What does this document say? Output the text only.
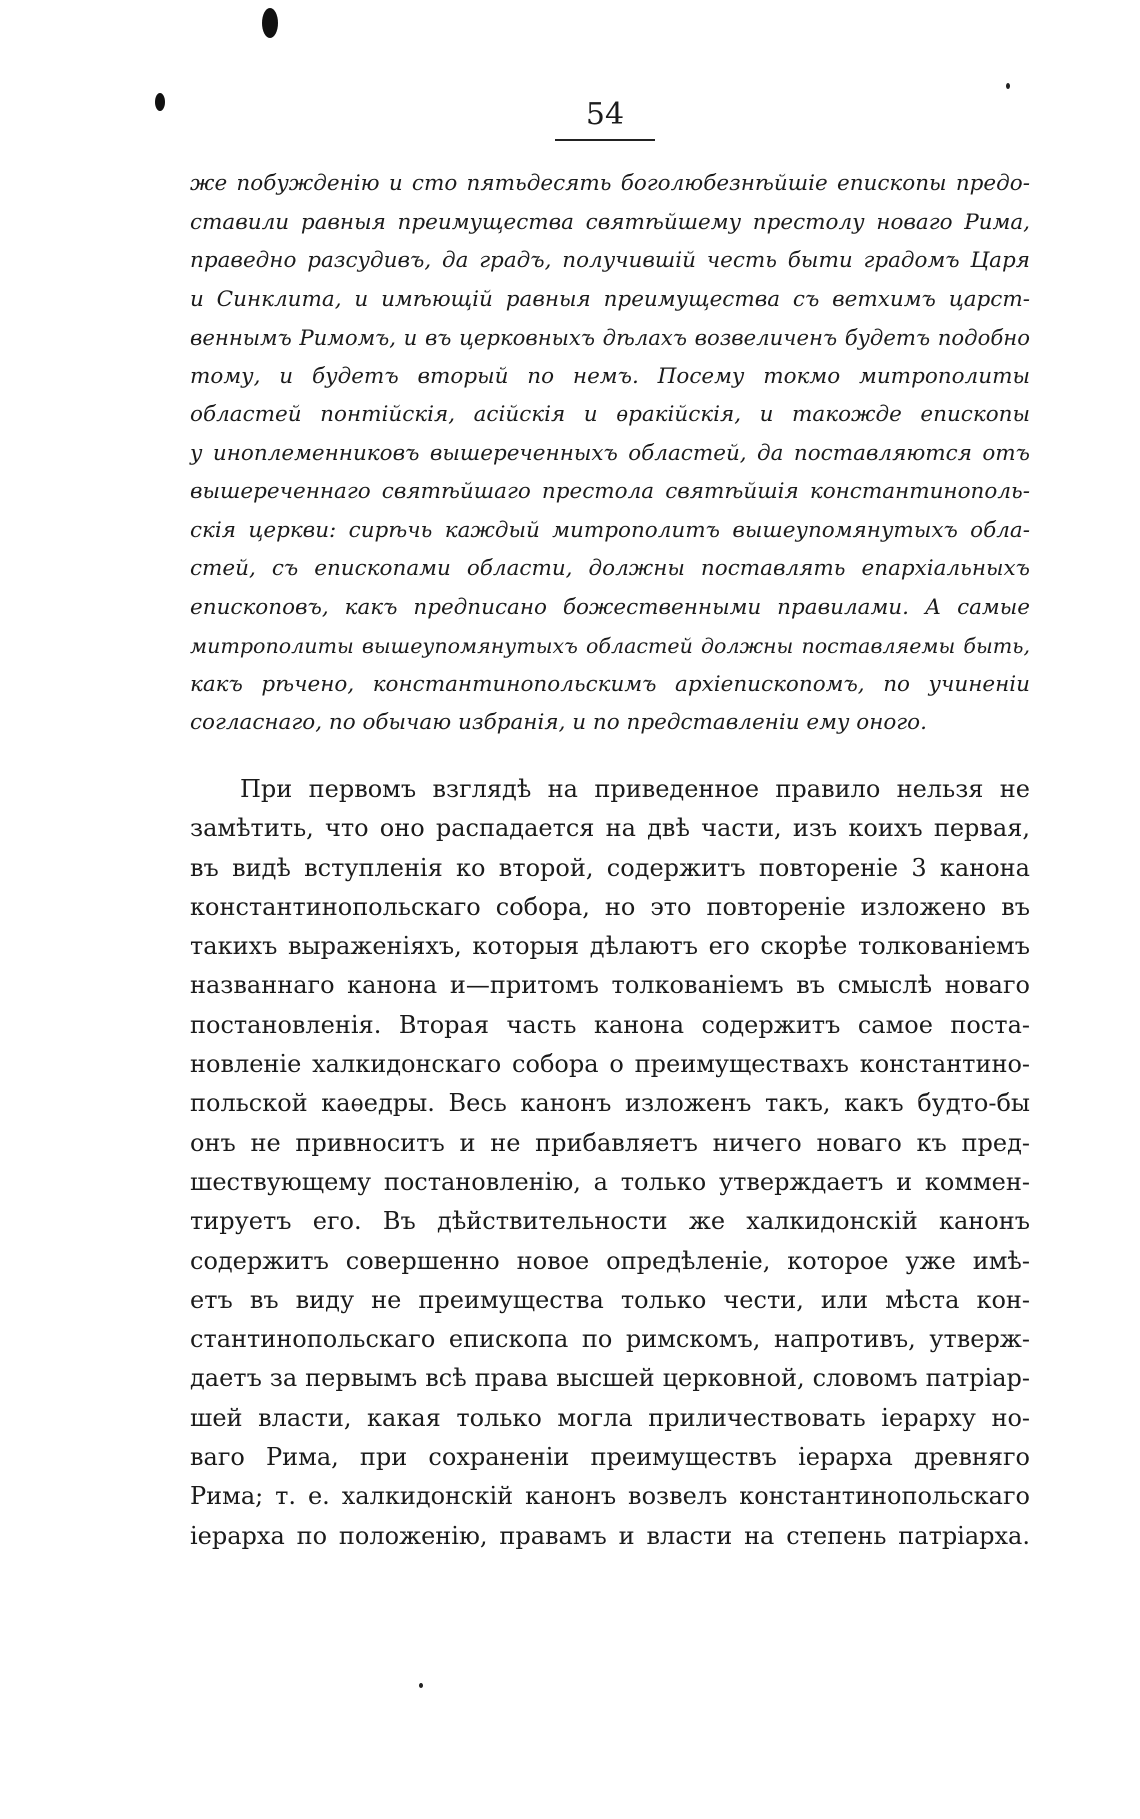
54
же побужденію и сто пятьдесять боголюбезнѣйшіе епископы предо-
ставили равныя преимущества святѣйшему престолу новаго Рима,
праведно разсудивъ, да градъ, получившій честь быти градомъ Царя
и Синклита, и имѣющій равныя преимущества съ ветхимъ царст-
веннымъ Римомъ, и въ церковныхъ дѣлахъ возвеличенъ будетъ подобно
тому, и будетъ вторый по немъ. Посему токмо митрополиты
областей понтійскія, асійскія и ѳракійскія, и такожде епископы
у иноплеменниковъ вышереченныхъ областей, да поставляются отъ
вышереченнаго святѣйшаго престола святѣйшія константинополь-
скія церкви: сирѣчь каждый митрополитъ вышеупомянутыхъ обла-
стей, съ епископами области, должны поставлять епархіальныхъ
епископовъ, какъ предписано божественными правилами. А самые
митрополиты вышеупомянутыхъ областей должны поставляемы быть,
какъ рѣчено, константинопольскимъ архіепископомъ, по учиненіи
согласнаго, по обычаю избранія, и по представленіи ему оного.
При первомъ взглядѣ на приведенное правило нельзя не
замѣтить, что оно распадается на двѣ части, изъ коихъ первая,
въ видѣ вступленія ко второй, содержитъ повтореніе 3 канона
константинопольскаго собора, но это повтореніе изложено въ
такихъ выраженіяхъ, которыя дѣлаютъ его скорѣе толкованіемъ
названнаго канона и—притомъ толкованіемъ въ смыслѣ новаго
постановленія. Вторая часть канона содержитъ самое поста-
новленіе халкидонскаго собора о преимуществахъ константино-
польской каѳедры. Весь канонъ изложенъ такъ, какъ будто-бы
онъ не привноситъ и не прибавляетъ ничего новаго къ пред-
шествующему постановленію, а только утверждаетъ и коммен-
тируетъ его. Въ дѣйствительности же халкидонскій канонъ
содержитъ совершенно новое опредѣленіе, которое уже имѣ-
етъ въ виду не преимущества только чести, или мѣста кон-
стантинопольскаго епископа по римскомъ, напротивъ, утверж-
даетъ за первымъ всѣ права высшей церковной, словомъ патріар-
шей власти, какая только могла приличествовать іерарху но-
ваго Рима, при сохраненіи преимуществъ іерарха древняго
Рима; т. е. халкидонскій канонъ возвелъ константинопольскаго
іерарха по положенію, правамъ и власти на степень патріарха.
